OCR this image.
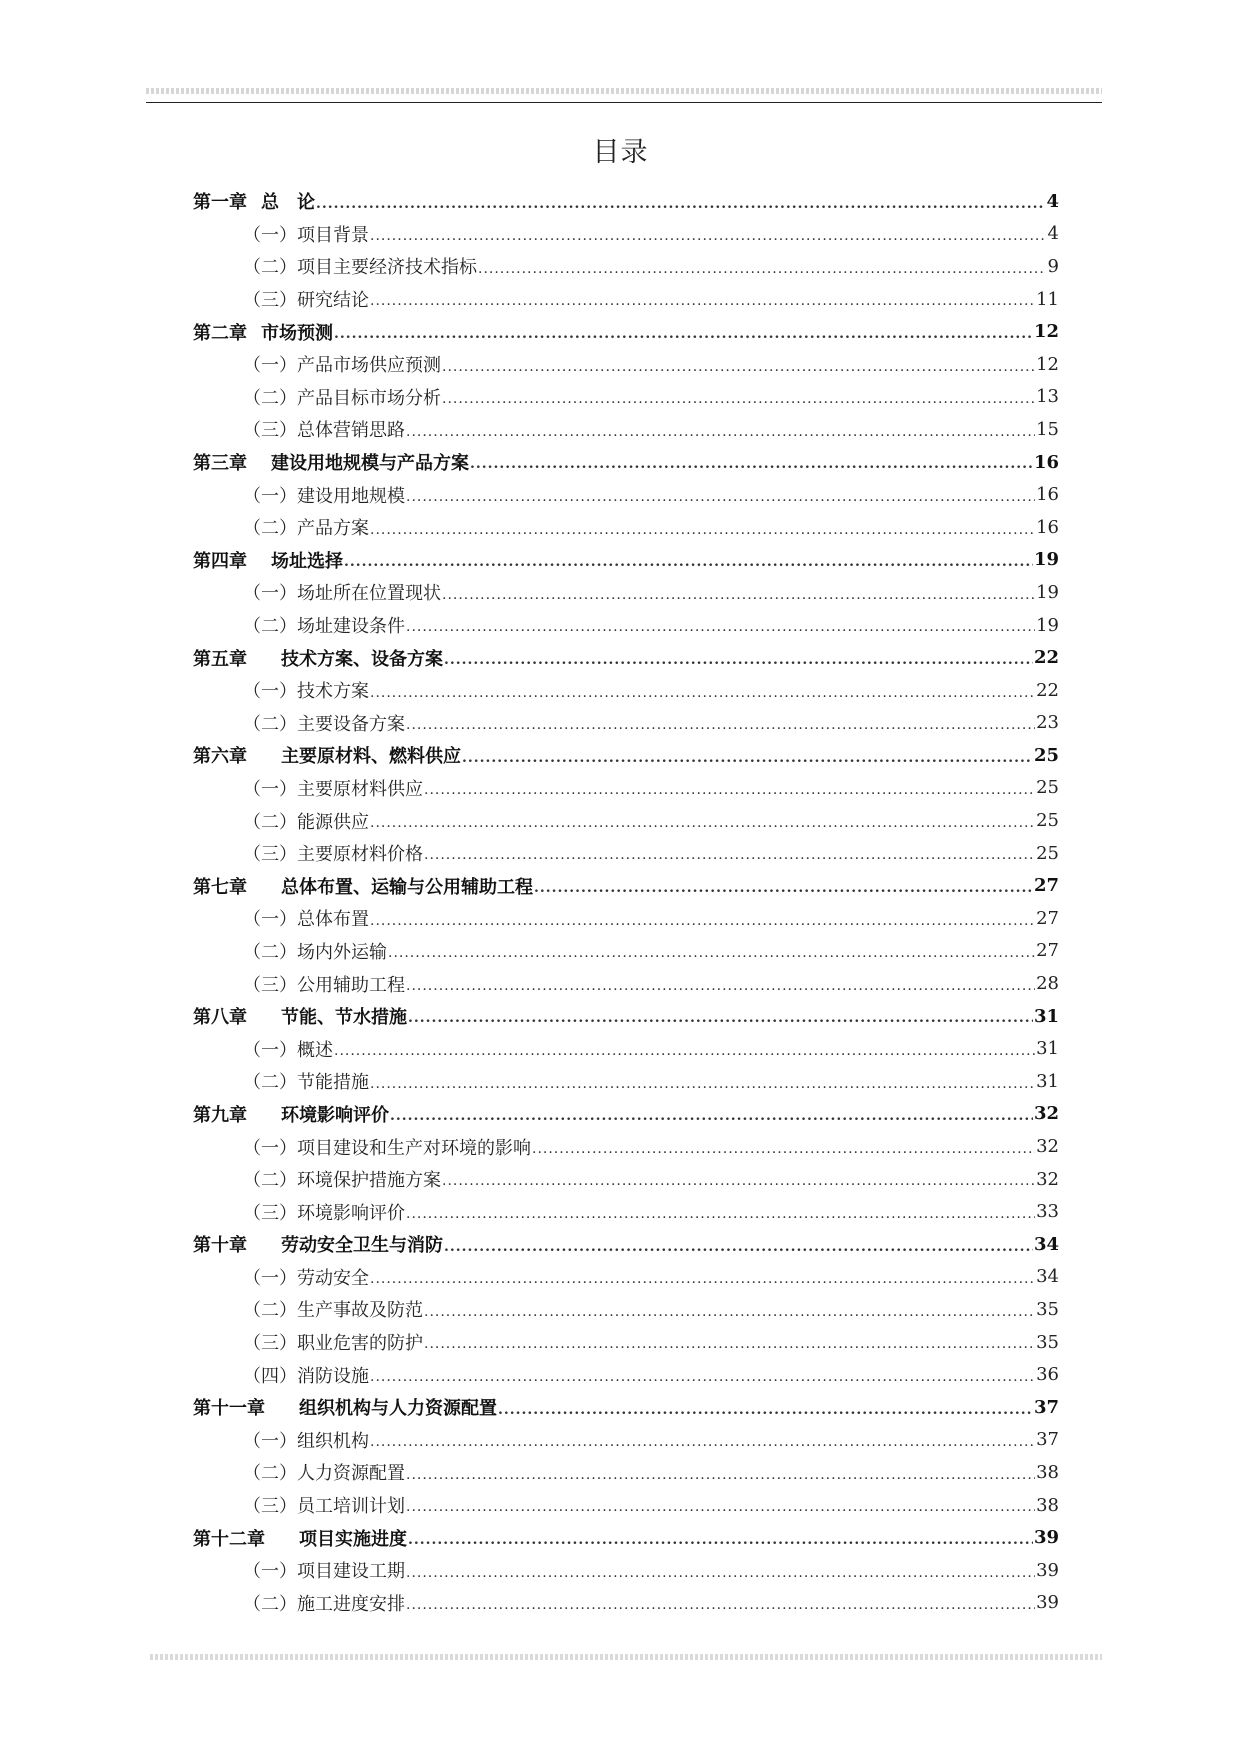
目录
第一章 总　论 .....	4
（一）项目背景 .....	4
（二）项目主要经济技术指标 .....	9
（三）研究结论 .....	11
第二章 市场预测 .....	12
（一）产品市场供应预测 .....	12
（二）产品目标市场分析 .....	13
（三）总体营销思路 .....	15
第三章 建设用地规模与产品方案 .....	16
（一）建设用地规模 .....	16
（二）产品方案 .....	16
第四章 场址选择 .....	19
（一）场址所在位置现状 .....	19
（二）场址建设条件 .....	19
第五章 技术方案、设备方案 .....	22
（一）技术方案 .....	22
（二）主要设备方案 .....	23
第六章 主要原材料、燃料供应 .....	25
（一）主要原材料供应 .....	25
（二）能源供应 .....	25
（三）主要原材料价格 .....	25
第七章 总体布置、运输与公用辅助工程 .....	27
（一）总体布置 .....	27
（二）场内外运输 .....	27
（三）公用辅助工程 .....	28
第八章 节能、节水措施 .....	31
（一）概述 .....	31
（二）节能措施 .....	31
第九章 环境影响评价 .....	32
（一）项目建设和生产对环境的影响 .....	32
（二）环境保护措施方案 .....	32
（三）环境影响评价 .....	33
第十章 劳动安全卫生与消防 .....	34
（一）劳动安全 .....	34
（二）生产事故及防范 .....	35
（三）职业危害的防护 .....	35
（四）消防设施 .....	36
第十一章 组织机构与人力资源配置 .....	37
（一）组织机构 .....	37
（二）人力资源配置 .....	38
（三）员工培训计划 .....	38
第十二章 项目实施进度 .....	39
（一）项目建设工期 .....	39
（二）施工进度安排 .....	39
